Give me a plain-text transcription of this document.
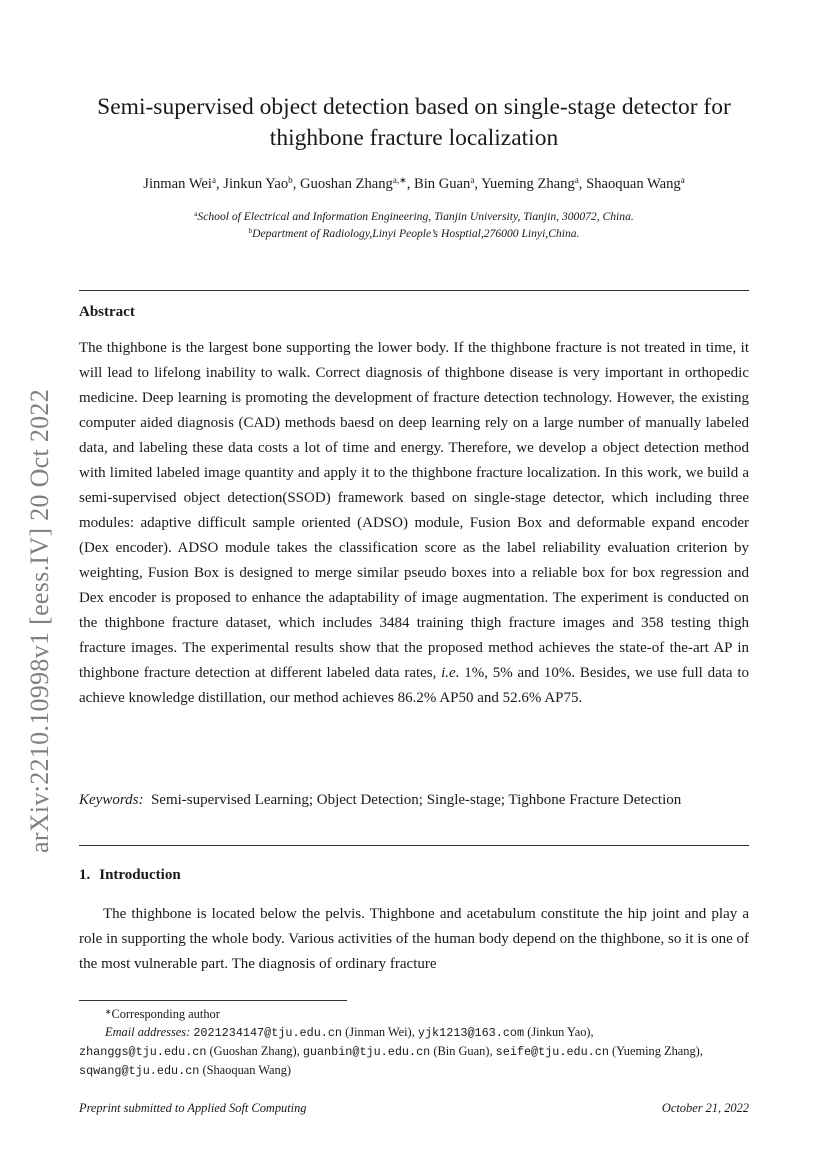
arXiv:2210.10998v1 [eess.IV] 20 Oct 2022
Semi-supervised object detection based on single-stage detector for
thighbone fracture localization
Jinman Wei$^a$, Jinkun Yao$^b$, Guoshan Zhang$^{a,∗}$, Bin Guan$^a$, Yueming Zhang$^a$, Shaoquan Wang$^a$
$^a$School of Electrical and Information Engineering, Tianjin University, Tianjin, 300072, China.
$^b$Department of Radiology,Linyi People’s Hosptial,276000 Linyi,China.
Abstract

The thighbone is the largest bone supporting the lower body. If the thighbone fracture is not treated in time, it will lead to lifelong inability to walk. Correct diagnosis of thighbone disease is very important in orthopedic medicine. Deep learning is promoting the development of fracture detection technology. However, the existing computer aided diagnosis (CAD) methods baesd on deep learning rely on a large number of manually labeled data, and labeling these data costs a lot of time and energy. Therefore, we develop a object detection method with limited labeled image quantity and apply it to the thighbone fracture localization. In this work, we build a semi-supervised object detection(SSOD) framework based on single-stage detector, which including three modules: adaptive difficult sample oriented (ADSO) module, Fusion Box and deformable expand encoder (Dex encoder). ADSO module takes the classification score as the label reliability evaluation criterion by weighting, Fusion Box is designed to merge similar pseudo boxes into a reliable box for box regression and Dex encoder is proposed to enhance the adaptability of image augmentation. The experiment is conducted on the thighbone fracture dataset, which includes 3484 training thigh fracture images and 358 testing thigh fracture images. The experimental results show that the proposed method achieves the state-of the-art AP in thighbone fracture detection at different labeled data rates, i.e. 1%, 5% and 10%. Besides, we use full data to achieve knowledge distillation, our method achieves 86.2% AP50 and 52.6% AP75.

Keywords: Semi-supervised Learning; Object Detection; Single-stage; Tighbone Fracture Detection

1. Introduction

The thighbone is located below the pelvis. Thighbone and acetabulum constitute the hip joint and play a role in supporting the whole body. Various activities of the human body depend on the thighbone, so it is one of the most vulnerable part. The diagnosis of ordinary fracture

∗Corresponding author
Email addresses: 2021234147@tju.edu.cn (Jinman Wei), yjk1213@163.com (Jinkun Yao),
zhanggs@tju.edu.cn (Guoshan Zhang), guanbin@tju.edu.cn (Bin Guan), seife@tju.edu.cn (Yueming Zhang), sqwang@tju.edu.cn (Shaoquan Wang)
Preprint submitted to Applied Soft Computing	October 21, 2022
